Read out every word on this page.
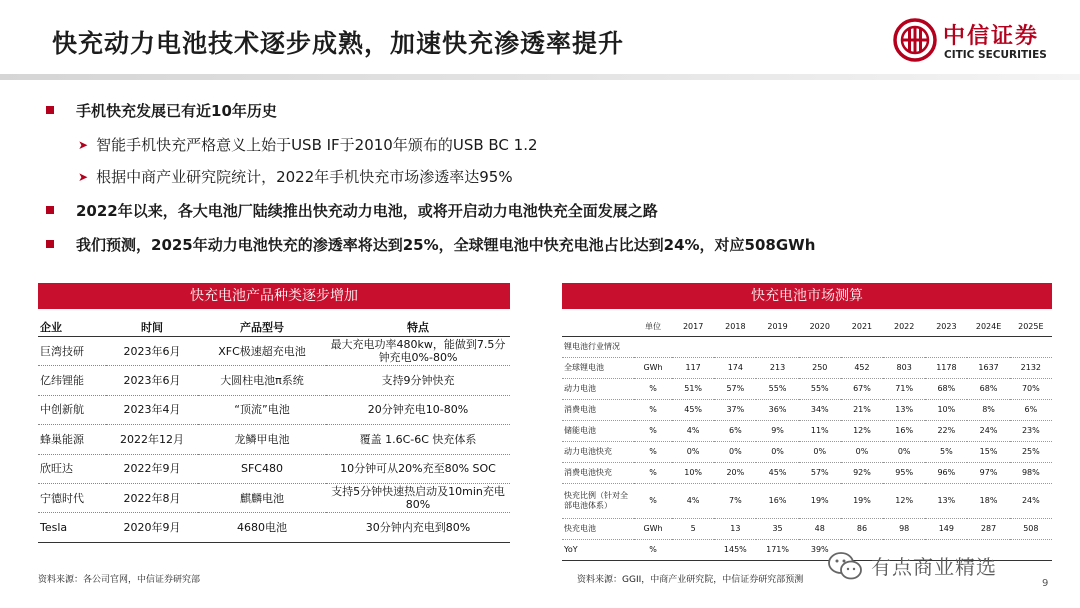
快充动力电池技术逐步成熟，加速快充渗透率提升	中信证券
CITIC SECURITIES
手机快充发展已有近10年历史
➤ 智能手机快充严格意义上始于USB IF于2010年颁布的USB BC 1.2
➤ 根据中商产业研究院统计，2022年手机快充市场渗透率达95%
2022年以来，各大电池厂陆续推出快充动力电池，或将开启动力电池快充全面发展之路
我们预测，2025年动力电池快充的渗透率将达到25%，全球锂电池中快充电池占比达到24%，对应508GWh
快充电池产品种类逐步增加
企业	时间	产品型号	特点
巨湾技研	2023年6月	XFC极速超充电池	最大充电功率480kw，能做到7.5分钟充电0%-80%
亿纬锂能	2023年6月	大圆柱电池π系统	支持9分钟快充
中创新航	2023年4月	“顶流”电池	20分钟充电10-80%
蜂巢能源	2022年12月	龙鳞甲电池	覆盖 1.6C-6C 快充体系
欣旺达	2022年9月	SFC480	10分钟可从20%充至80% SOC
宁德时代	2022年8月	麒麟电池	支持5分钟快速热启动及10min充电80%
Tesla	2020年9月	4680电池	30分钟内充电到80%
资料来源：各公司官网，中信证券研究部
快充电池市场测算
	单位	2017	2018	2019	2020	2021	2022	2023	2024E	2025E
锂电池行业情况										
全球锂电池	GWh	117	174	213	250	452	803	1178	1637	2132
动力电池	%	51%	57%	55%	55%	67%	71%	68%	68%	70%
消费电池	%	45%	37%	36%	34%	21%	13%	10%	8%	6%
储能电池	%	4%	6%	9%	11%	12%	16%	22%	24%	23%
动力电池快充	%	0%	0%	0%	0%	0%	0%	5%	15%	25%
消费电池快充	%	10%	20%	45%	57%	92%	95%	96%	97%	98%
快充比例（针对全部电池体系）	%	4%	7%	16%	19%	19%	12%	13%	18%	24%
快充电池	GWh	5	13	35	48	86	98	149	287	508
YoY	%		145%	171%	39%					
资料来源：GGII，中商产业研究院，中信证券研究部预测
有点商业精选
9
